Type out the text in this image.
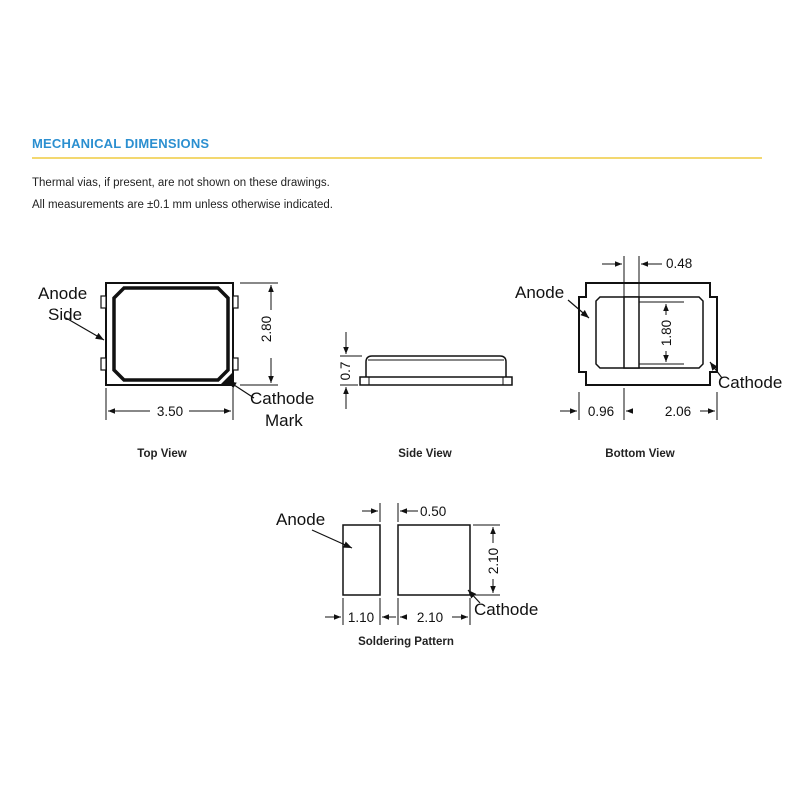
MECHANICAL DIMENSIONS

Thermal vias, if present, are not shown on these drawings.

All measurements are ±0.1 mm unless otherwise indicated.

Anode
Side
Cathode
Mark
3.50
2.80
Top View
0.7
Side View
Anode
Cathode
0.48
1.80
0.96	2.06
Bottom View
Anode
Cathode
0.50
2.10
1.10	2.10
Soldering Pattern
